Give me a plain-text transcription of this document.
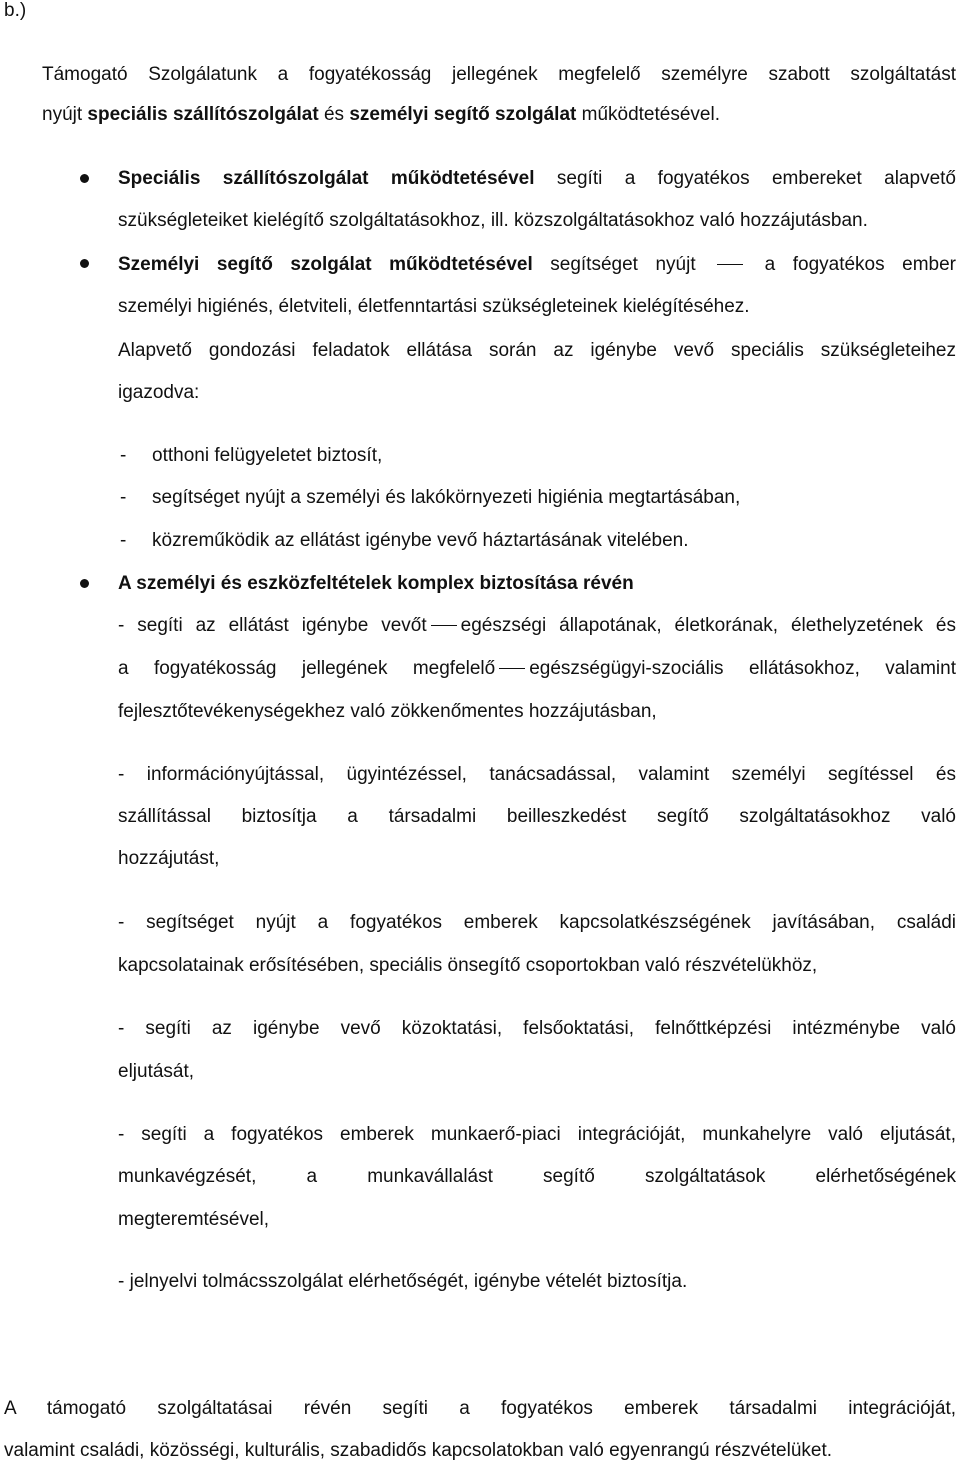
b.)
Támogató Szolgálatunk a fogyatékosság jellegének megfelelő személyre szabott szolgáltatást
nyújt speciális szállítószolgálat és személyi segítő szolgálat működtetésével.
Speciális szállítószolgálat működtetésével segíti a fogyatékos embereket alapvető
szükségleteiket kielégítő szolgáltatásokhoz, ill. közszolgáltatásokhoz való hozzájutásban.
Személyi segítő szolgálat működtetésével segítséget nyújt  a fogyatékos ember
személyi higiénés, életviteli, életfenntartási szükségleteinek kielégítéséhez.
Alapvető gondozási feladatok ellátása során az igénybe vevő speciális szükségleteihez
igazodva:
- otthoni felügyeletet biztosít,
- segítséget nyújt a személyi és lakókörnyezeti higiénia megtartásában,
- közreműködik az ellátást igénybe vevő háztartásának vitelében.
A személyi és eszközfeltételek komplex biztosítása révén
- segíti az ellátást igénybe vevőt egészségi állapotának, életkorának, élethelyzetének és
a fogyatékosság jellegének megfelelő egészségügyi-szociális ellátásokhoz, valamint
fejlesztőtevékenységekhez való zökkenőmentes hozzájutásban,
- információnyújtással, ügyintézéssel, tanácsadással, valamint személyi segítéssel és
szállítással biztosítja a társadalmi beilleszkedést segítő szolgáltatásokhoz való
hozzájutást,
- segítséget nyújt a fogyatékos emberek kapcsolatkészségének javításában, családi
kapcsolatainak erősítésében, speciális önsegítő csoportokban való részvételükhöz,
- segíti az igénybe vevő közoktatási, felsőoktatási, felnőttképzési intézménybe való
eljutását,
- segíti a fogyatékos emberek munkaerő-piaci integrációját, munkahelyre való eljutását,
munkavégzését, a munkavállalást segítő szolgáltatások elérhetőségének
megteremtésével,
- jelnyelvi tolmácsszolgálat elérhetőségét, igénybe vételét biztosítja.
A támogató szolgáltatásai révén segíti a fogyatékos emberek társadalmi integrációját,
valamint családi, közösségi, kulturális, szabadidős kapcsolatokban való egyenrangú részvételüket.
